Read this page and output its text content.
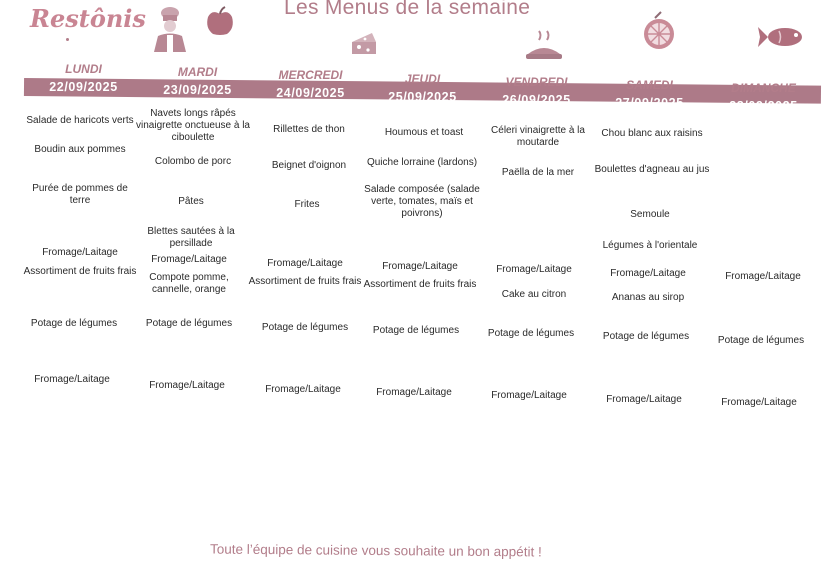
Restônis	Les Menus de la semaine
LUNDI
22/09/2025
MARDI
23/09/2025
MERCREDI
24/09/2025
JEUDI
25/09/2025
VENDREDI
26/09/2025
SAMEDI
27/09/2025
DIMANCHE
28/09/2025
Salade de haricots verts
Boudin aux pommes
Purée de pommes de terre
Fromage/Laitage
Assortiment de fruits frais
Potage de légumes
Fromage/Laitage
Navets longs râpés vinaigrette onctueuse à la ciboulette
Colombo de porc
Pâtes
Blettes sautées à la persillade
Fromage/Laitage
Compote pomme, cannelle, orange
Potage de légumes
Fromage/Laitage
Rillettes de thon
Beignet d'oignon
Frites
Fromage/Laitage
Assortiment de fruits frais
Potage de légumes
Fromage/Laitage
Houmous et toast
Quiche lorraine (lardons)
Salade composée (salade verte, tomates, maïs et poivrons)
Fromage/Laitage
Assortiment de fruits frais
Potage de légumes
Fromage/Laitage
Céleri vinaigrette à la moutarde
Paëlla de la mer
Fromage/Laitage
Cake au citron
Potage de légumes
Fromage/Laitage
Chou blanc aux raisins
Boulettes d'agneau au jus
Semoule
Légumes à l'orientale
Fromage/Laitage
Ananas au sirop
Potage de légumes
Fromage/Laitage
Fromage/Laitage
Potage de légumes
Fromage/Laitage
Toute l’équipe de cuisine vous souhaite un bon appétit !
